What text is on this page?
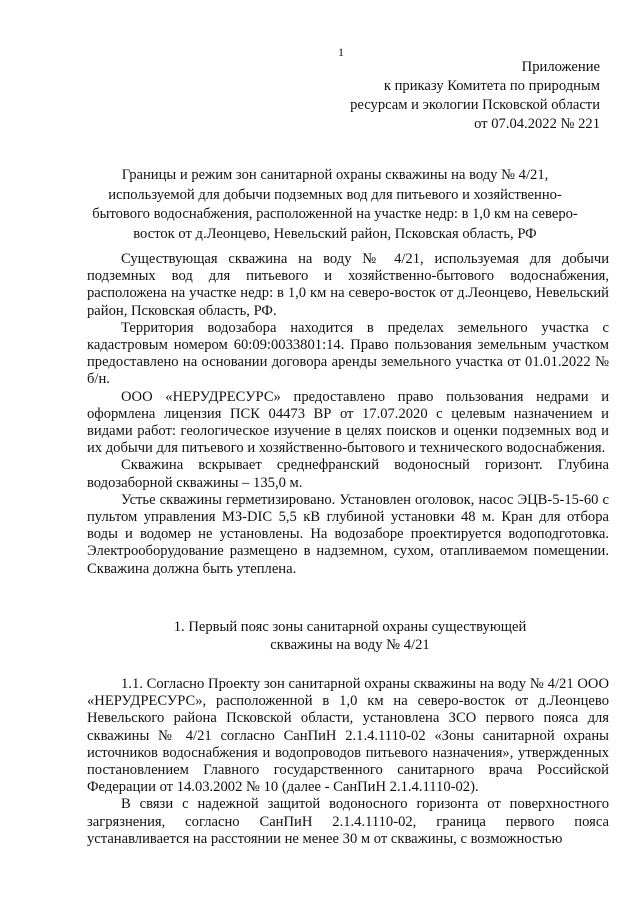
1
Приложение
к приказу Комитета по природным
ресурсам и экологии Псковской области
от 07.04.2022 № 221
Границы и режим зон санитарной охраны скважины на воду № 4/21,
используемой для добычи подземных вод для питьевого и хозяйственно-
бытового водоснабжения, расположенной на участке недр: в 1,0 км на северо-
восток от д.Леонцево, Невельский район, Псковская область, РФ

Существующая скважина на воду № 4/21, используемая для добычи подземных вод для питьевого и хозяйственно-бытового водоснабжения, расположена на участке недр: в 1,0 км на северо-восток от д.Леонцево, Невельский район, Псковская область, РФ.

Территория водозабора находится в пределах земельного участка с кадастровым номером 60:09:0033801:14. Право пользования земельным участком предоставлено на основании договора аренды земельного участка от 01.01.2022 № б/н.

ООО «НЕРУДРЕСУРС» предоставлено право пользования недрами и оформлена лицензия ПСК 04473 ВР от 17.07.2020 с целевым назначением и видами работ: геологическое изучение в целях поисков и оценки подземных вод и их добычи для питьевого и хозяйственно-бытового и технического водоснабжения.

Скважина вскрывает среднефранский водоносный горизонт. Глубина водозаборной скважины – 135,0 м.

Устье скважины герметизировано. Установлен оголовок, насос ЭЦВ-5-15-60 с пультом управления МЗ-DIC 5,5 кВ глубиной установки 48 м. Кран для отбора воды и водомер не установлены. На водозаборе проектируется водоподготовка. Электрооборудование размещено в надземном, сухом, отапливаемом помещении. Скважина должна быть утеплена.

1. Первый пояс зоны санитарной охраны существующей
скважины на воду № 4/21

1.1. Согласно Проекту зон санитарной охраны скважины на воду № 4/21 ООО «НЕРУДРЕСУРС», расположенной в 1,0 км на северо-восток от д.Леонцево Невельского района Псковской области, установлена ЗСО первого пояса для скважины № 4/21 согласно СанПиН 2.1.4.1110-02 «Зоны санитарной охраны источников водоснабжения и водопроводов питьевого назначения», утвержденных постановлением Главного государственного санитарного врача Российской Федерации от 14.03.2002 № 10 (далее - СанПиН 2.1.4.1110-02).

В связи с надежной защитой водоносного горизонта от поверхностного загрязнения, согласно СанПиН 2.1.4.1110-02, граница первого пояса устанавливается на расстоянии не менее 30 м от скважины, с возможностью
